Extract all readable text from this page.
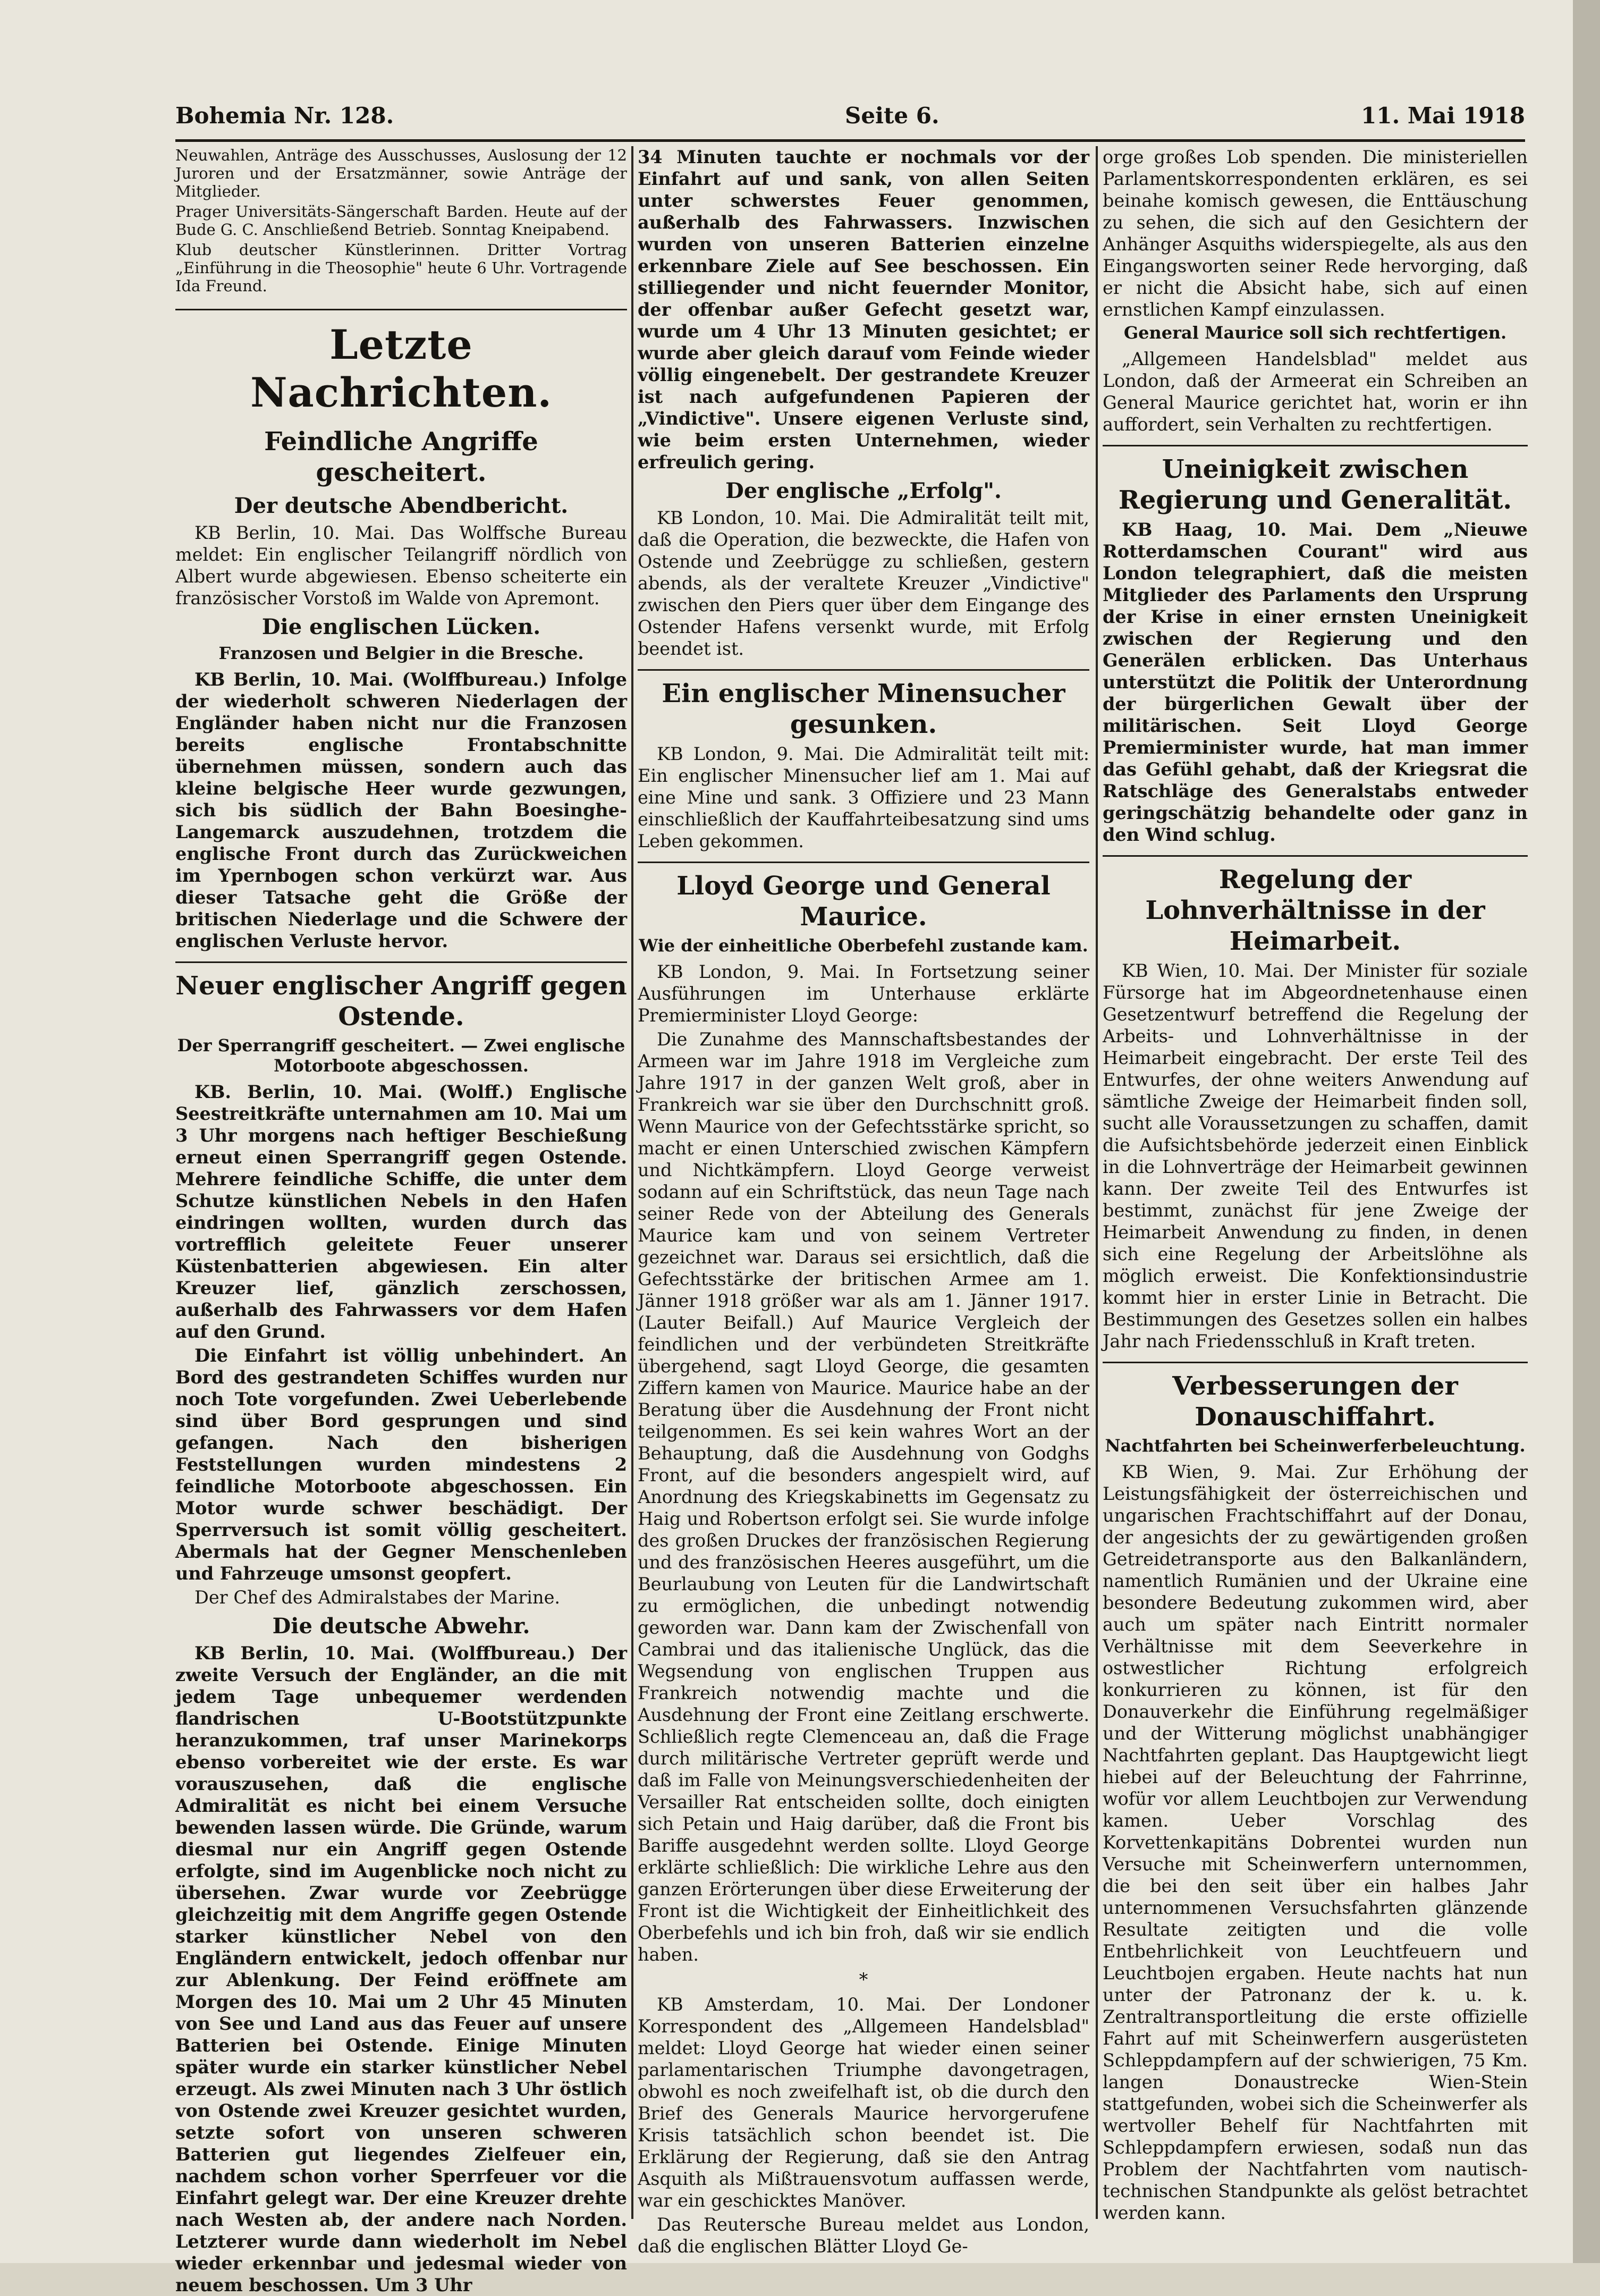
Bohemia Nr. 128.	Seite 6.	11. Mai 1918

Neuwahlen, Anträge des Ausschusses, Auslosung der 12 Juroren und der Ersatzmänner, sowie Anträge der Mitglieder.

Prager Universitäts-Sängerschaft Barden. Heute auf der Bude G. C. Anschließend Betrieb. Sonntag Kneipabend.

Klub deutscher Künstlerinnen. Dritter Vortrag „Einführung in die Theosophie" heute 6 Uhr. Vortragende Ida Freund.

Letzte Nachrichten.
Feindliche Angriffe gescheitert.
Der deutsche Abendbericht.

KB Berlin, 10. Mai. Das Wolffsche Bureau meldet: Ein englischer Teilangriff nördlich von Albert wurde abgewiesen. Ebenso scheiterte ein französischer Vorstoß im Walde von Apremont.

Die englischen Lücken.
Franzosen und Belgier in die Bresche.

KB Berlin, 10. Mai. (Wolffbureau.) Infolge der wiederholt schweren Niederlagen der Engländer haben nicht nur die Franzosen bereits englische Frontabschnitte übernehmen müssen, sondern auch das kleine belgische Heer wurde gezwungen, sich bis südlich der Bahn Boesinghe-Langemarck auszudehnen, trotzdem die englische Front durch das Zurückweichen im Ypernbogen schon verkürzt war. Aus dieser Tatsache geht die Größe der britischen Niederlage und die Schwere der englischen Verluste hervor.

Neuer englischer Angriff gegen Ostende.
Der Sperrangriff gescheitert. — Zwei englische Motorboote abgeschossen.

KB. Berlin, 10. Mai. (Wolff.) Englische Seestreitkräfte unternahmen am 10. Mai um 3 Uhr morgens nach heftiger Beschießung erneut einen Sperrangriff gegen Ostende. Mehrere feindliche Schiffe, die unter dem Schutze künstlichen Nebels in den Hafen eindringen wollten, wurden durch das vortrefflich geleitete Feuer unserer Küstenbatterien abgewiesen. Ein alter Kreuzer lief, gänzlich zerschossen, außerhalb des Fahrwassers vor dem Hafen auf den Grund.

Die Einfahrt ist völlig unbehindert. An Bord des gestrandeten Schiffes wurden nur noch Tote vorgefunden. Zwei Ueberlebende sind über Bord gesprungen und sind gefangen. Nach den bisherigen Feststellungen wurden mindestens 2 feindliche Motorboote abgeschossen. Ein Motor wurde schwer beschädigt. Der Sperrversuch ist somit völlig gescheitert. Abermals hat der Gegner Menschenleben und Fahrzeuge umsonst geopfert.

Der Chef des Admiralstabes der Marine.

Die deutsche Abwehr.

KB Berlin, 10. Mai. (Wolffbureau.) Der zweite Versuch der Engländer, an die mit jedem Tage unbequemer werdenden flandrischen U-Bootstützpunkte heranzukommen, traf unser Marinekorps ebenso vorbereitet wie der erste. Es war vorauszusehen, daß die englische Admiralität es nicht bei einem Versuche bewenden lassen würde. Die Gründe, warum diesmal nur ein Angriff gegen Ostende erfolgte, sind im Augenblicke noch nicht zu übersehen. Zwar wurde vor Zeebrügge gleichzeitig mit dem Angriffe gegen Ostende starker künstlicher Nebel von den Engländern entwickelt, jedoch offenbar nur zur Ablenkung. Der Feind eröffnete am Morgen des 10. Mai um 2 Uhr 45 Minuten von See und Land aus das Feuer auf unsere Batterien bei Ostende. Einige Minuten später wurde ein starker künstlicher Nebel erzeugt. Als zwei Minuten nach 3 Uhr östlich von Ostende zwei Kreuzer gesichtet wurden, setzte sofort von unseren schweren Batterien gut liegendes Zielfeuer ein, nachdem schon vorher Sperrfeuer vor die Einfahrt gelegt war. Der eine Kreuzer drehte nach Westen ab, der andere nach Norden. Letzterer wurde dann wiederholt im Nebel wieder erkennbar und jedesmal wieder von neuem beschossen. Um 3 Uhr

34 Minuten tauchte er nochmals vor der Einfahrt auf und sank, von allen Seiten unter schwerstes Feuer genommen, außerhalb des Fahrwassers. Inzwischen wurden von unseren Batterien einzelne erkennbare Ziele auf See beschossen. Ein stilliegender und nicht feuernder Monitor, der offenbar außer Gefecht gesetzt war, wurde um 4 Uhr 13 Minuten gesichtet; er wurde aber gleich darauf vom Feinde wieder völlig eingenebelt. Der gestrandete Kreuzer ist nach aufgefundenen Papieren der „Vindictive". Unsere eigenen Verluste sind, wie beim ersten Unternehmen, wieder erfreulich gering.

Der englische „Erfolg".

KB London, 10. Mai. Die Admiralität teilt mit, daß die Operation, die bezweckte, die Hafen von Ostende und Zeebrügge zu schließen, gestern abends, als der veraltete Kreuzer „Vindictive" zwischen den Piers quer über dem Eingange des Ostender Hafens versenkt wurde, mit Erfolg beendet ist.

Ein englischer Minensucher gesunken.

KB London, 9. Mai. Die Admiralität teilt mit: Ein englischer Minensucher lief am 1. Mai auf eine Mine und sank. 3 Offiziere und 23 Mann einschließlich der Kauffahrteibesatzung sind ums Leben gekommen.

Lloyd George und General Maurice.
Wie der einheitliche Oberbefehl zustande kam.

KB London, 9. Mai. In Fortsetzung seiner Ausführungen im Unterhause erklärte Premierminister Lloyd George:

Die Zunahme des Mannschaftsbestandes der Armeen war im Jahre 1918 im Vergleiche zum Jahre 1917 in der ganzen Welt groß, aber in Frankreich war sie über den Durchschnitt groß. Wenn Maurice von der Gefechtsstärke spricht, so macht er einen Unterschied zwischen Kämpfern und Nichtkämpfern. Lloyd George verweist sodann auf ein Schriftstück, das neun Tage nach seiner Rede von der Abteilung des Generals Maurice kam und von seinem Vertreter gezeichnet war. Daraus sei ersichtlich, daß die Gefechtsstärke der britischen Armee am 1. Jänner 1918 größer war als am 1. Jänner 1917. (Lauter Beifall.) Auf Maurice Vergleich der feindlichen und der verbündeten Streitkräfte übergehend, sagt Lloyd George, die gesamten Ziffern kamen von Maurice. Maurice habe an der Beratung über die Ausdehnung der Front nicht teilgenommen. Es sei kein wahres Wort an der Behauptung, daß die Ausdehnung von Godghs Front, auf die besonders angespielt wird, auf Anordnung des Kriegskabinetts im Gegensatz zu Haig und Robertson erfolgt sei. Sie wurde infolge des großen Druckes der französischen Regierung und des französischen Heeres ausgeführt, um die Beurlaubung von Leuten für die Landwirtschaft zu ermöglichen, die unbedingt notwendig geworden war. Dann kam der Zwischenfall von Cambrai und das italienische Unglück, das die Wegsendung von englischen Truppen aus Frankreich notwendig machte und die Ausdehnung der Front eine Zeitlang erschwerte. Schließlich regte Clemenceau an, daß die Frage durch militärische Vertreter geprüft werde und daß im Falle von Meinungsverschiedenheiten der Versailler Rat entscheiden sollte, doch einigten sich Petain und Haig darüber, daß die Front bis Bariffe ausgedehnt werden sollte. Lloyd George erklärte schließlich: Die wirkliche Lehre aus den ganzen Erörterungen über diese Erweiterung der Front ist die Wichtigkeit der Einheitlichkeit des Oberbefehls und ich bin froh, daß wir sie endlich haben.

*

KB Amsterdam, 10. Mai. Der Londoner Korrespondent des „Allgemeen Handelsblad" meldet: Lloyd George hat wieder einen seiner parlamentarischen Triumphe davongetragen, obwohl es noch zweifelhaft ist, ob die durch den Brief des Generals Maurice hervorgerufene Krisis tatsächlich schon beendet ist. Die Erklärung der Regierung, daß sie den Antrag Asquith als Mißtrauensvotum auffassen werde, war ein geschicktes Manöver.

Das Reutersche Bureau meldet aus London, daß die englischen Blätter Lloyd Ge-

orge großes Lob spenden. Die ministeriellen Parlamentskorrespondenten erklären, es sei beinahe komisch gewesen, die Enttäuschung zu sehen, die sich auf den Gesichtern der Anhänger Asquiths widerspiegelte, als aus den Eingangsworten seiner Rede hervorging, daß er nicht die Absicht habe, sich auf einen ernstlichen Kampf einzulassen.

General Maurice soll sich rechtfertigen.

„Allgemeen Handelsblad" meldet aus London, daß der Armeerat ein Schreiben an General Maurice gerichtet hat, worin er ihn auffordert, sein Verhalten zu rechtfertigen.

Uneinigkeit zwischen Regierung und Generalität.

KB Haag, 10. Mai. Dem „Nieuwe Rotterdamschen Courant" wird aus London telegraphiert, daß die meisten Mitglieder des Parlaments den Ursprung der Krise in einer ernsten Uneinigkeit zwischen der Regierung und den Generälen erblicken. Das Unterhaus unterstützt die Politik der Unterordnung der bürgerlichen Gewalt über der militärischen. Seit Lloyd George Premierminister wurde, hat man immer das Gefühl gehabt, daß der Kriegsrat die Ratschläge des Generalstabs entweder geringschätzig behandelte oder ganz in den Wind schlug.

Regelung der Lohnverhältnisse in der Heimarbeit.

KB Wien, 10. Mai. Der Minister für soziale Fürsorge hat im Abgeordnetenhause einen Gesetzentwurf betreffend die Regelung der Arbeits- und Lohnverhältnisse in der Heimarbeit eingebracht. Der erste Teil des Entwurfes, der ohne weiters Anwendung auf sämtliche Zweige der Heimarbeit finden soll, sucht alle Voraussetzungen zu schaffen, damit die Aufsichtsbehörde jederzeit einen Einblick in die Lohnverträge der Heimarbeit gewinnen kann. Der zweite Teil des Entwurfes ist bestimmt, zunächst für jene Zweige der Heimarbeit Anwendung zu finden, in denen sich eine Regelung der Arbeitslöhne als möglich erweist. Die Konfektionsindustrie kommt hier in erster Linie in Betracht. Die Bestimmungen des Gesetzes sollen ein halbes Jahr nach Friedensschluß in Kraft treten.

Verbesserungen der Donauschiffahrt.
Nachtfahrten bei Scheinwerferbeleuchtung.

KB Wien, 9. Mai. Zur Erhöhung der Leistungsfähigkeit der österreichischen und ungarischen Frachtschiffahrt auf der Donau, der angesichts der zu gewärtigenden großen Getreidetransporte aus den Balkanländern, namentlich Rumänien und der Ukraine eine besondere Bedeutung zukommen wird, aber auch um später nach Eintritt normaler Verhältnisse mit dem Seeverkehre in ostwestlicher Richtung erfolgreich konkurrieren zu können, ist für den Donauverkehr die Einführung regelmäßiger und der Witterung möglichst unabhängiger Nachtfahrten geplant. Das Hauptgewicht liegt hiebei auf der Beleuchtung der Fahrrinne, wofür vor allem Leuchtbojen zur Verwendung kamen. Ueber Vorschlag des Korvettenkapitäns Dobrentei wurden nun Versuche mit Scheinwerfern unternommen, die bei den seit über ein halbes Jahr unternommenen Versuchsfahrten glänzende Resultate zeitigten und die volle Entbehrlichkeit von Leuchtfeuern und Leuchtbojen ergaben. Heute nachts hat nun unter der Patronanz der k. u. k. Zentraltransportleitung die erste offizielle Fahrt auf mit Scheinwerfern ausgerüsteten Schleppdampfern auf der schwierigen, 75 Km. langen Donaustrecke Wien-Stein stattgefunden, wobei sich die Scheinwerfer als wertvoller Behelf für Nachtfahrten mit Schleppdampfern erwiesen, sodaß nun das Problem der Nachtfahrten vom nautisch-technischen Standpunkte als gelöst betrachtet werden kann.
